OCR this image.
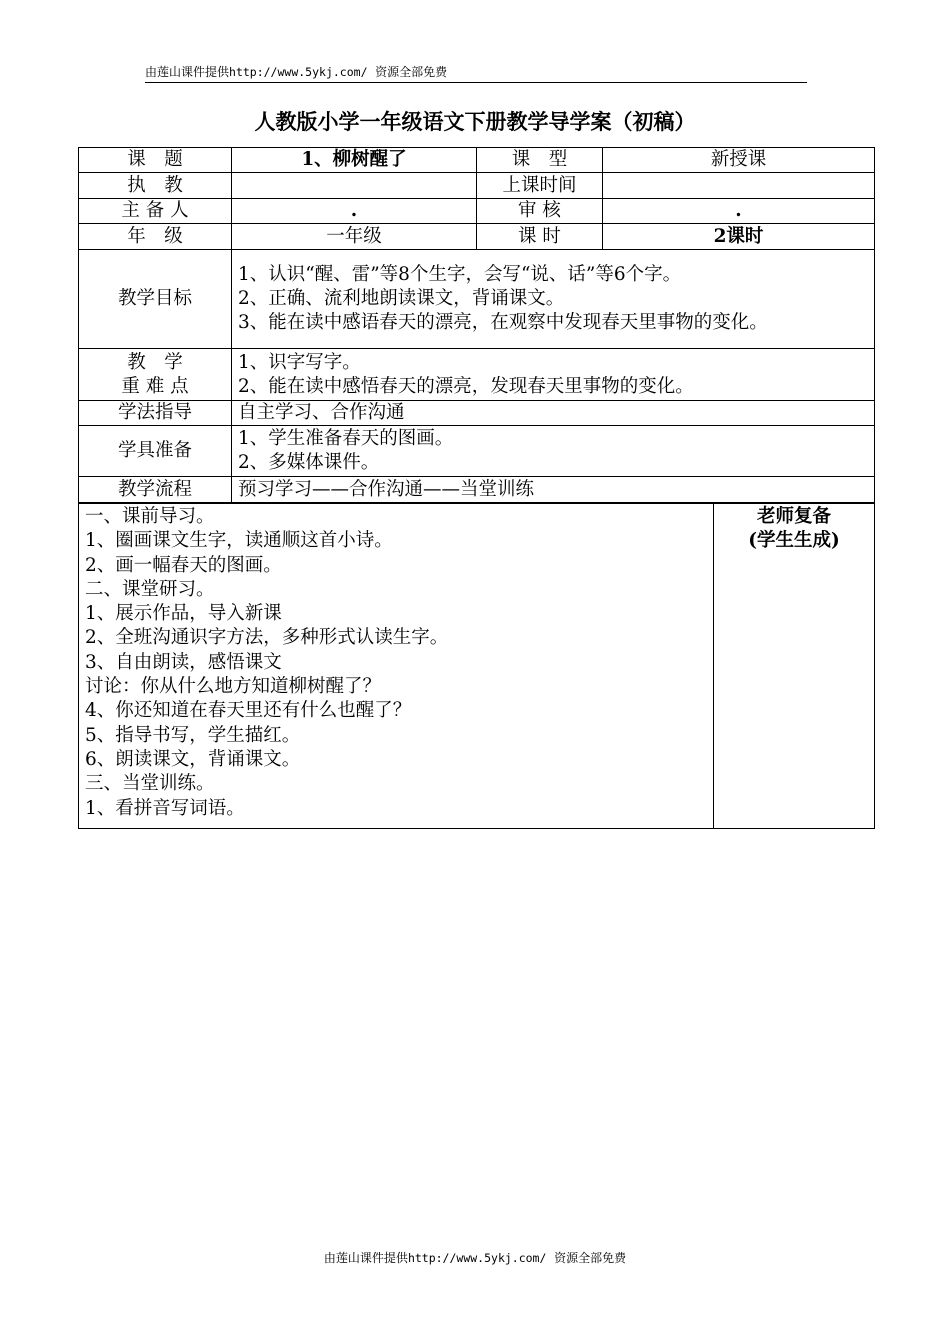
由莲山课件提供http://www.5ykj.com/ 资源全部免费
人教版小学一年级语文下册教学导学案（初稿）
课　题	1、柳树醒了	课　型	新授课
执　教		上课时间	
主 备 人	.	审 核	.
年　级	一年级	课 时	2课时
教学目标	1、认识“醒、雷”等8个生字，会写“说、话”等6个字。
2、正确、流利地朗读课文，背诵课文。
3、能在读中感语春天的漂亮，在观察中发现春天里事物的变化。		

教　学
重 难 点	1、识字写字。
2、能在读中感悟春天的漂亮，发现春天里事物的变化。		

学法指导	自主学习、合作沟通		
学具准备	1、学生准备春天的图画。
2、多媒体课件。		

教学流程	预习学习——合作沟通——当堂训练		
一、课前导习。
1、圈画课文生字，读通顺这首小诗。
2、画一幅春天的图画。
二、课堂研习。
1、展示作品，导入新课
2、全班沟通识字方法，多种形式认读生字。
3、自由朗读，感悟课文
讨论：你从什么地方知道柳树醒了？
4、你还知道在春天里还有什么也醒了？
5、指导书写，学生描红。
6、朗读课文，背诵课文。
三、当堂训练。
1、看拼音写词语。

老师复备
(学生生成)
由莲山课件提供http://www.5ykj.com/ 资源全部免费
